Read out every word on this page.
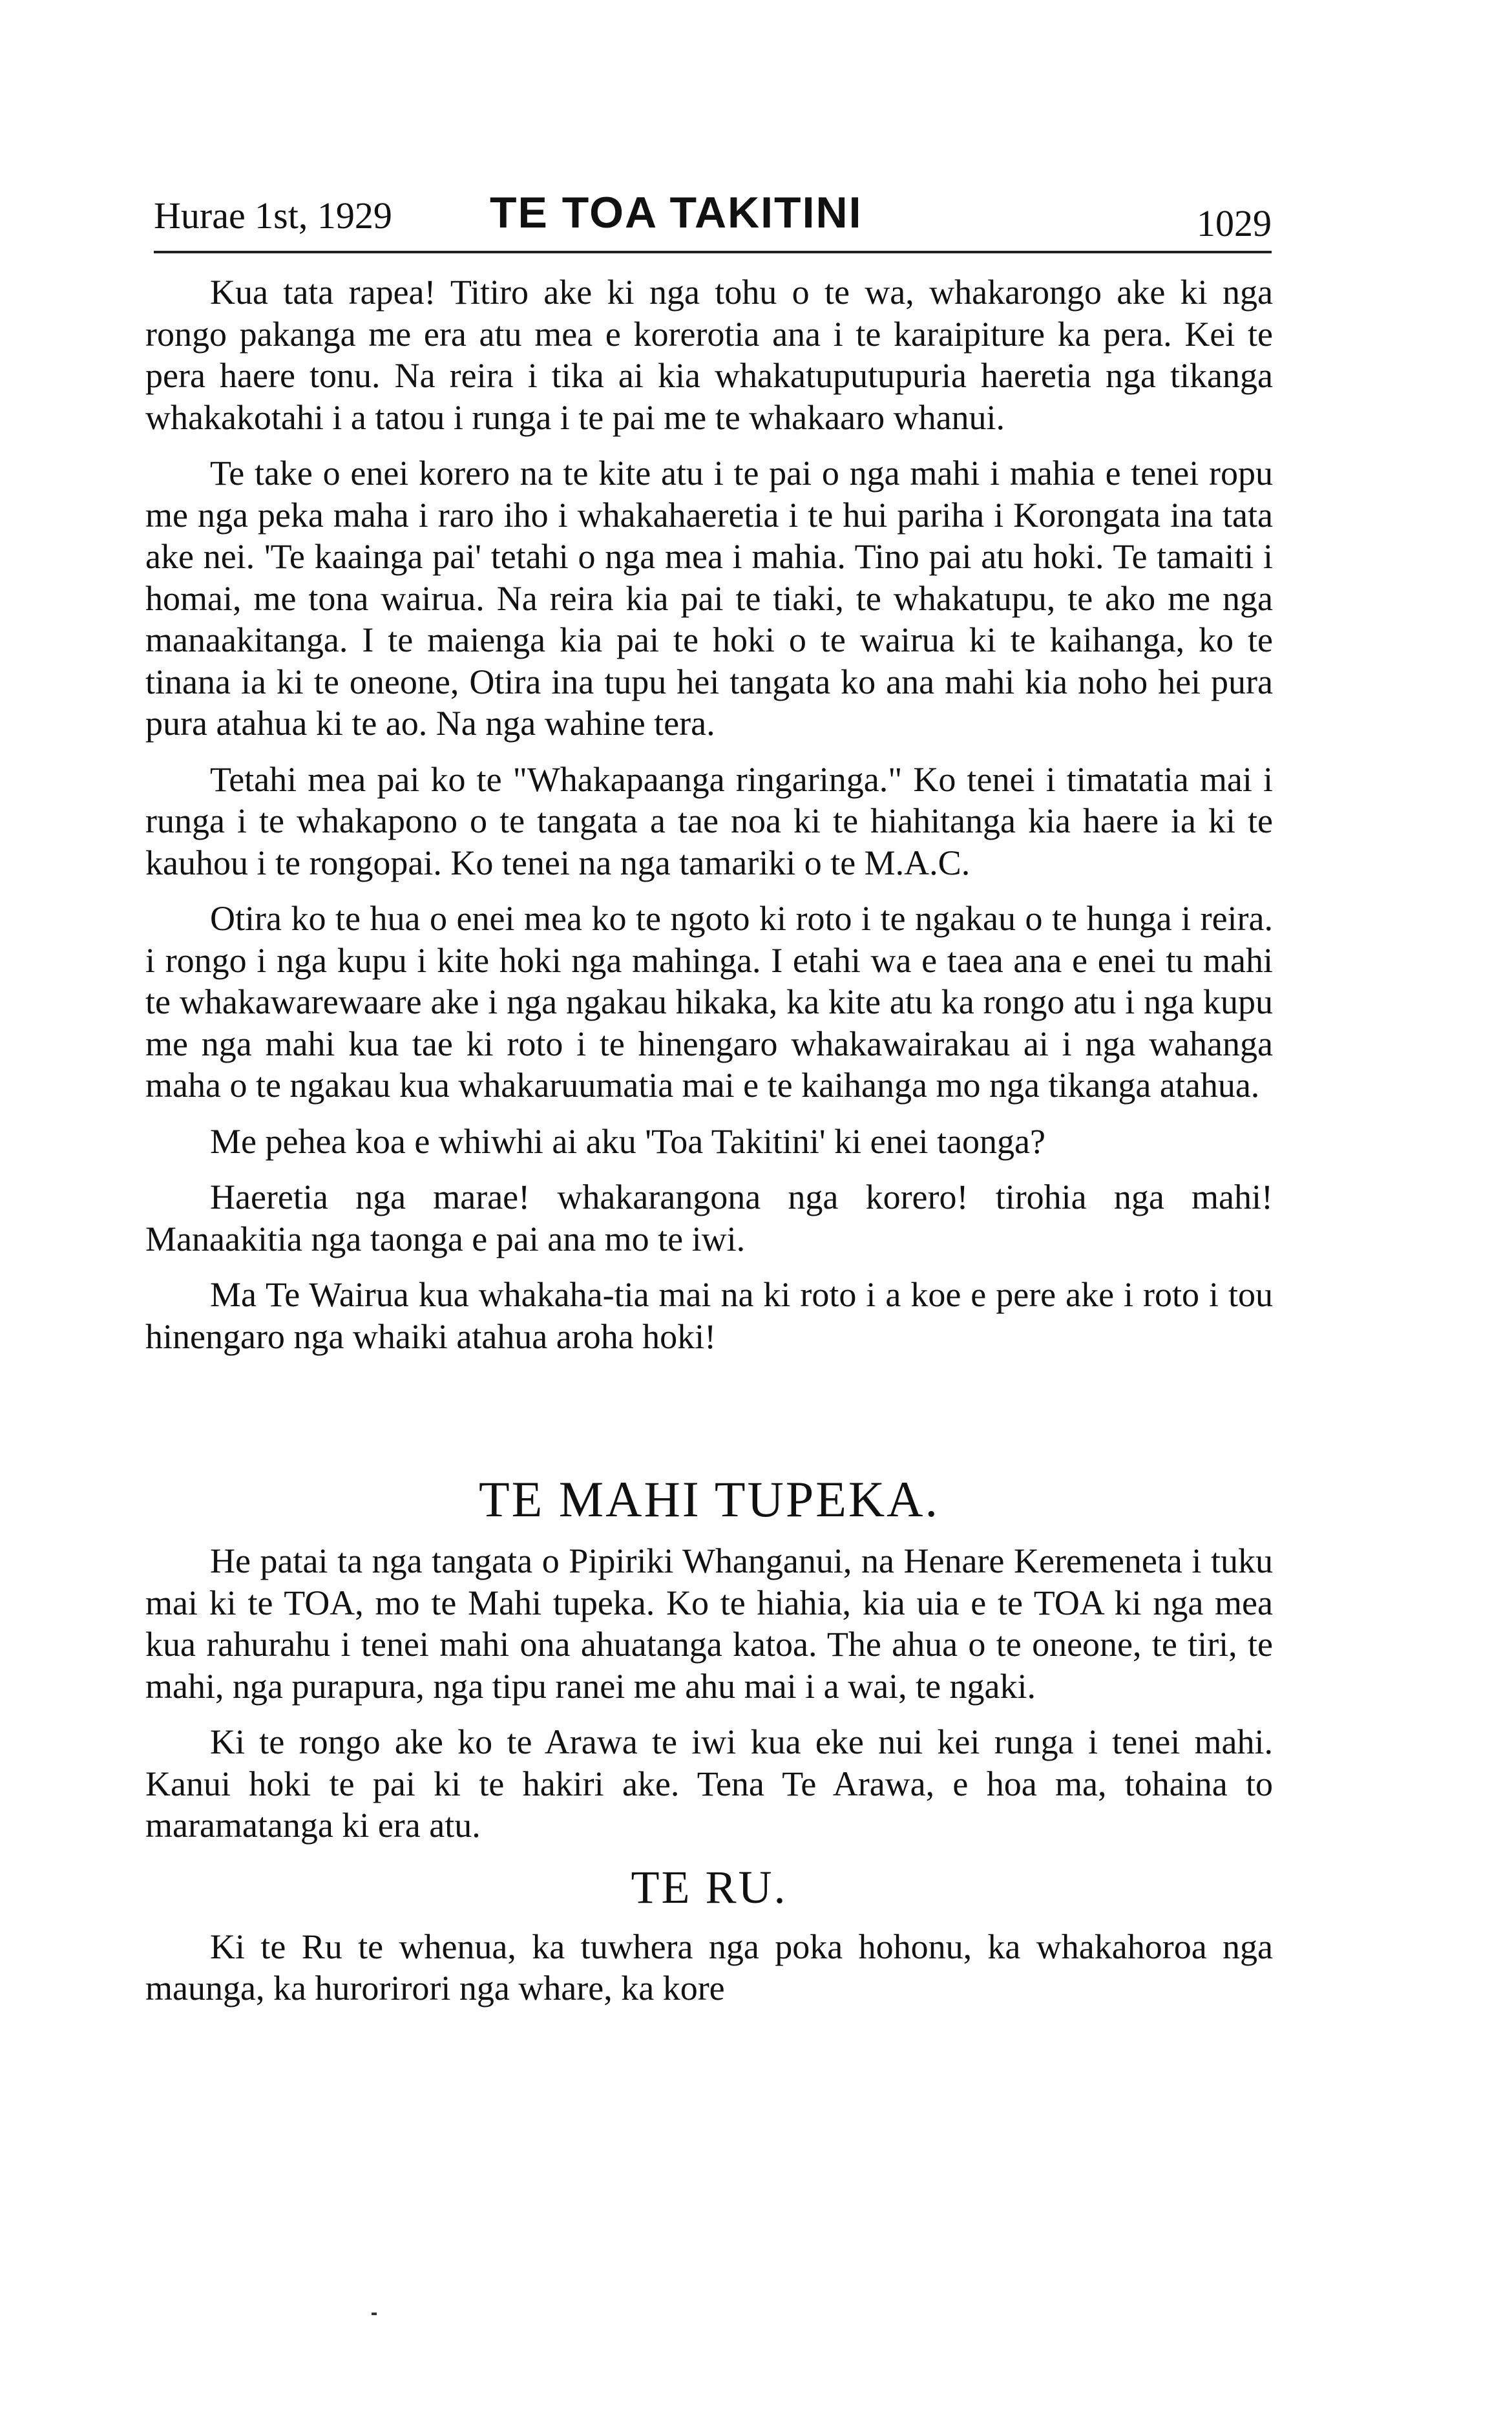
Hurae 1st, 1929 TE TOA TAKITINI	1029

Kua tata rapea! Titiro ake ki nga tohu o te wa, whakarongo ake ki nga rongo pakanga me era atu mea e korerotia ana i te karaipiture ka pera. Kei te pera haere tonu. Na reira i tika ai kia whakatuputupuria haeretia nga tikanga whakakotahi i a tatou i runga i te pai me te whakaaro whanui.

Te take o enei korero na te kite atu i te pai o nga mahi i mahia e tenei ropu me nga peka maha i raro iho i whakahaeretia i te hui pariha i Korongata ina tata ake nei. 'Te kaainga pai' tetahi o nga mea i mahia. Tino pai atu hoki. Te tamaiti i homai, me tona wairua. Na reira kia pai te tiaki, te whakatupu, te ako me nga manaakitanga. I te maienga kia pai te hoki o te wairua ki te kaihanga, ko te tinana ia ki te oneone, Otira ina tupu hei tangata ko ana mahi kia noho hei pura pura atahua ki te ao. Na nga wahine tera.

Tetahi mea pai ko te "Whakapaanga ringaringa." Ko tenei i timatatia mai i runga i te whakapono o te tangata a tae noa ki te hiahitanga kia haere ia ki te kauhou i te rongopai. Ko tenei na nga tamariki o te M.A.C.

Otira ko te hua o enei mea ko te ngoto ki roto i te ngakau o te hunga i reira. i rongo i nga kupu i kite hoki nga mahinga. I etahi wa e taea ana e enei tu mahi te whakawarewaare ake i nga ngakau hikaka, ka kite atu ka rongo atu i nga kupu me nga mahi kua tae ki roto i te hinengaro whakawairakau ai i nga wahanga maha o te ngakau kua whakaruumatia mai e te kaihanga mo nga tikanga atahua.

Me pehea koa e whiwhi ai aku 'Toa Takitini' ki enei taonga?

Haeretia nga marae! whakarangona nga korero! tirohia nga mahi! Manaakitia nga taonga e pai ana mo te iwi.

Ma Te Wairua kua whakaha-tia mai na ki roto i a koe e pere ake i roto i tou hinengaro nga whaiki atahua aroha hoki!

TE MAHI TUPEKA.

He patai ta nga tangata o Pipiriki Whanganui, na Henare Keremeneta i tuku mai ki te TOA, mo te Mahi tupeka. Ko te hiahia, kia uia e te TOA ki nga mea kua rahurahu i tenei mahi ona ahuatanga katoa. The ahua o te oneone, te tiri, te mahi, nga purapura, nga tipu ranei me ahu mai i a wai, te ngaki.

Ki te rongo ake ko te Arawa te iwi kua eke nui kei runga i tenei mahi. Kanui hoki te pai ki te hakiri ake. Tena Te Arawa, e hoa ma, tohaina to maramatanga ki era atu.

TE RU.

Ki te Ru te whenua, ka tuwhera nga poka hohonu, ka whakahoroa nga maunga, ka hurorirori nga whare, ka kore
